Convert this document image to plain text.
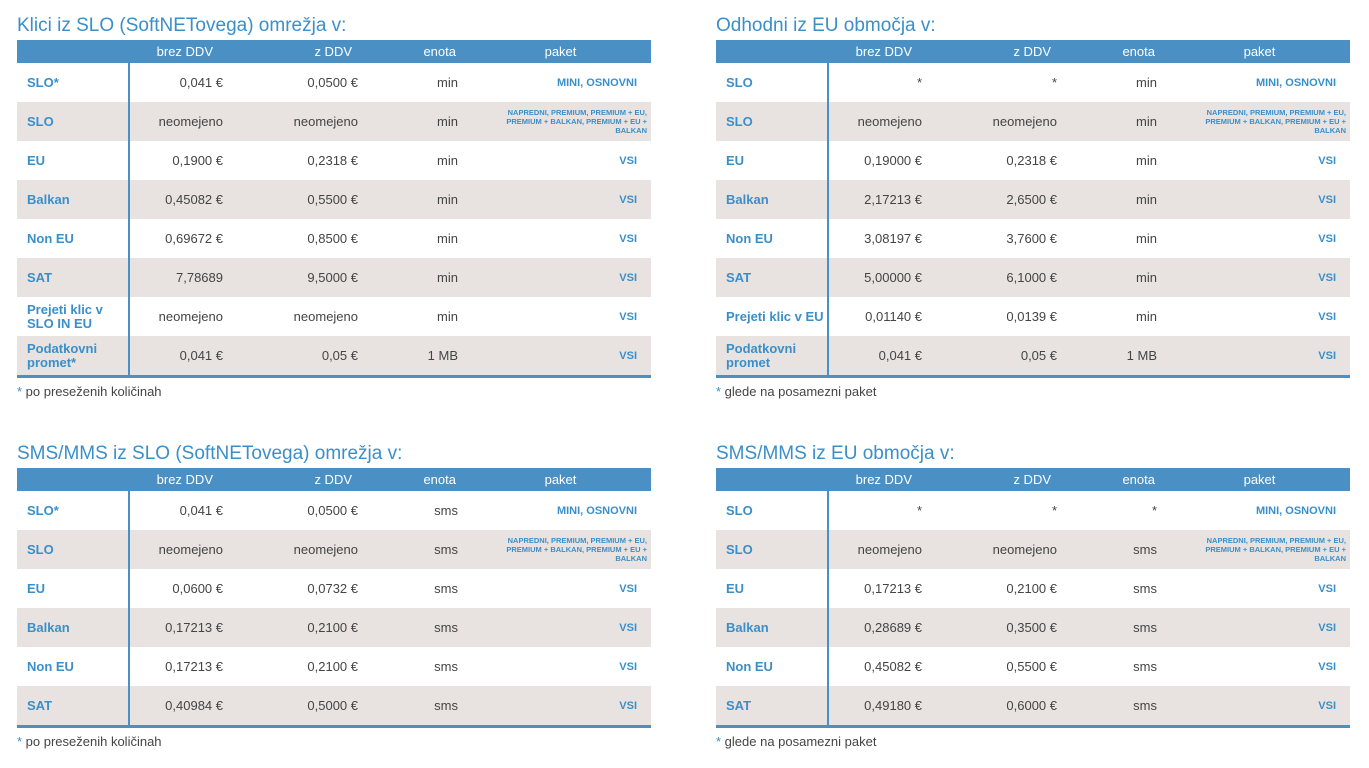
Klici iz SLO (SoftNETovega) omrežja v:
	brez DDV	z DDV	enota	paket
SLO*	0,041 €	0,0500 €	min	MINI, OSNOVNI
SLO	neomejeno	neomejeno	min	NAPREDNI, PREMIUM, PREMIUM + EU, PREMIUM + BALKAN, PREMIUM + EU + BALKAN
EU	0,1900 €	0,2318 €	min	VSI
Balkan	0,45082 €	0,5500 €	min	VSI
Non EU	0,69672 €	0,8500 €	min	VSI
SAT	7,78689	9,5000 €	min	VSI
Prejeti klic v SLO IN EU	neomejeno	neomejeno	min	VSI
Podatkovni promet*	0,041 €	0,05 €	1 MB	VSI
* po preseženih količinah
Odhodni iz EU območja v:
	brez DDV	z DDV	enota	paket
SLO	*	*	min	MINI, OSNOVNI
SLO	neomejeno	neomejeno	min	NAPREDNI, PREMIUM, PREMIUM + EU, PREMIUM + BALKAN, PREMIUM + EU + BALKAN
EU	0,19000 €	0,2318 €	min	VSI
Balkan	2,17213 €	2,6500 €	min	VSI
Non EU	3,08197 €	3,7600 €	min	VSI
SAT	5,00000 €	6,1000 €	min	VSI
Prejeti klic v EU	0,01140 €	0,0139 €	min	VSI
Podatkovni promet	0,041 €	0,05 €	1 MB	VSI
* glede na posamezni paket
SMS/MMS iz SLO (SoftNETovega) omrežja v:
	brez DDV	z DDV	enota	paket
SLO*	0,041 €	0,0500 €	sms	MINI, OSNOVNI
SLO	neomejeno	neomejeno	sms	NAPREDNI, PREMIUM, PREMIUM + EU, PREMIUM + BALKAN, PREMIUM + EU + BALKAN
EU	0,0600 €	0,0732 €	sms	VSI
Balkan	0,17213 €	0,2100 €	sms	VSI
Non EU	0,17213 €	0,2100 €	sms	VSI
SAT	0,40984 €	0,5000 €	sms	VSI
* po preseženih količinah
SMS/MMS iz EU območja v:
	brez DDV	z DDV	enota	paket
SLO	*	*	*	MINI, OSNOVNI
SLO	neomejeno	neomejeno	sms	NAPREDNI, PREMIUM, PREMIUM + EU, PREMIUM + BALKAN, PREMIUM + EU + BALKAN
EU	0,17213 €	0,2100 €	sms	VSI
Balkan	0,28689 €	0,3500 €	sms	VSI
Non EU	0,45082 €	0,5500 €	sms	VSI
SAT	0,49180 €	0,6000 €	sms	VSI
* glede na posamezni paket
